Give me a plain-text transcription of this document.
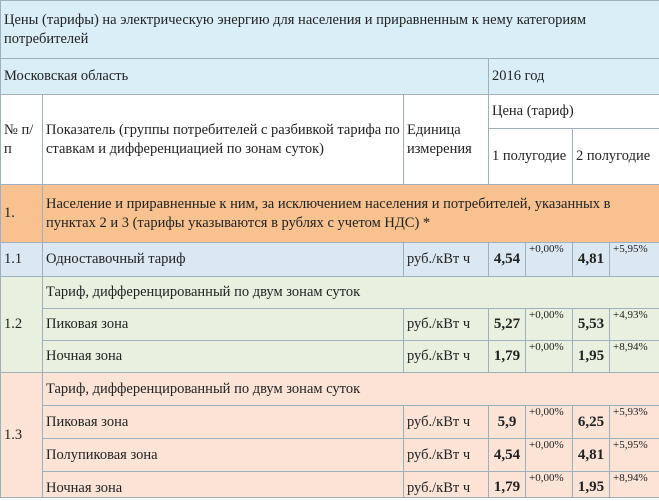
Цены (тарифы) на электрическую энергию для населения и приравненным к нему категориям потребителей						
Московская область			2016 год			
№ п/п	Показатель (группы потребителей с разбивкой тарифа по ставкам и дифференциацией по зонам суток)	Единица измерения	Цена (тариф)			
			1 полугодие		2 полугодие	
1.	Население и приравненные к ним, за исключением населения и потребителей, указанных в пунктах 2 и 3 (тарифы указываются в рублях с учетом НДС) *					
1.1	Одноставочный тариф	руб./кВт ч	4,54	+0,00%	4,81	+5,95%
1.2	Тариф, дифференцированный по двум зонам суток					
	Пиковая зона	руб./кВт ч	5,27	+0,00%	5,53	+4,93%
	Ночная зона	руб./кВт ч	1,79	+0,00%	1,95	+8,94%
1.3	Тариф, дифференцированный по двум зонам суток					
	Пиковая зона	руб./кВт ч	5,9	+0,00%	6,25	+5,93%
	Полупиковая зона	руб./кВт ч	4,54	+0,00%	4,81	+5,95%
	Ночная зона	руб./кВт ч	1,79	+0,00%	1,95	+8,94%
